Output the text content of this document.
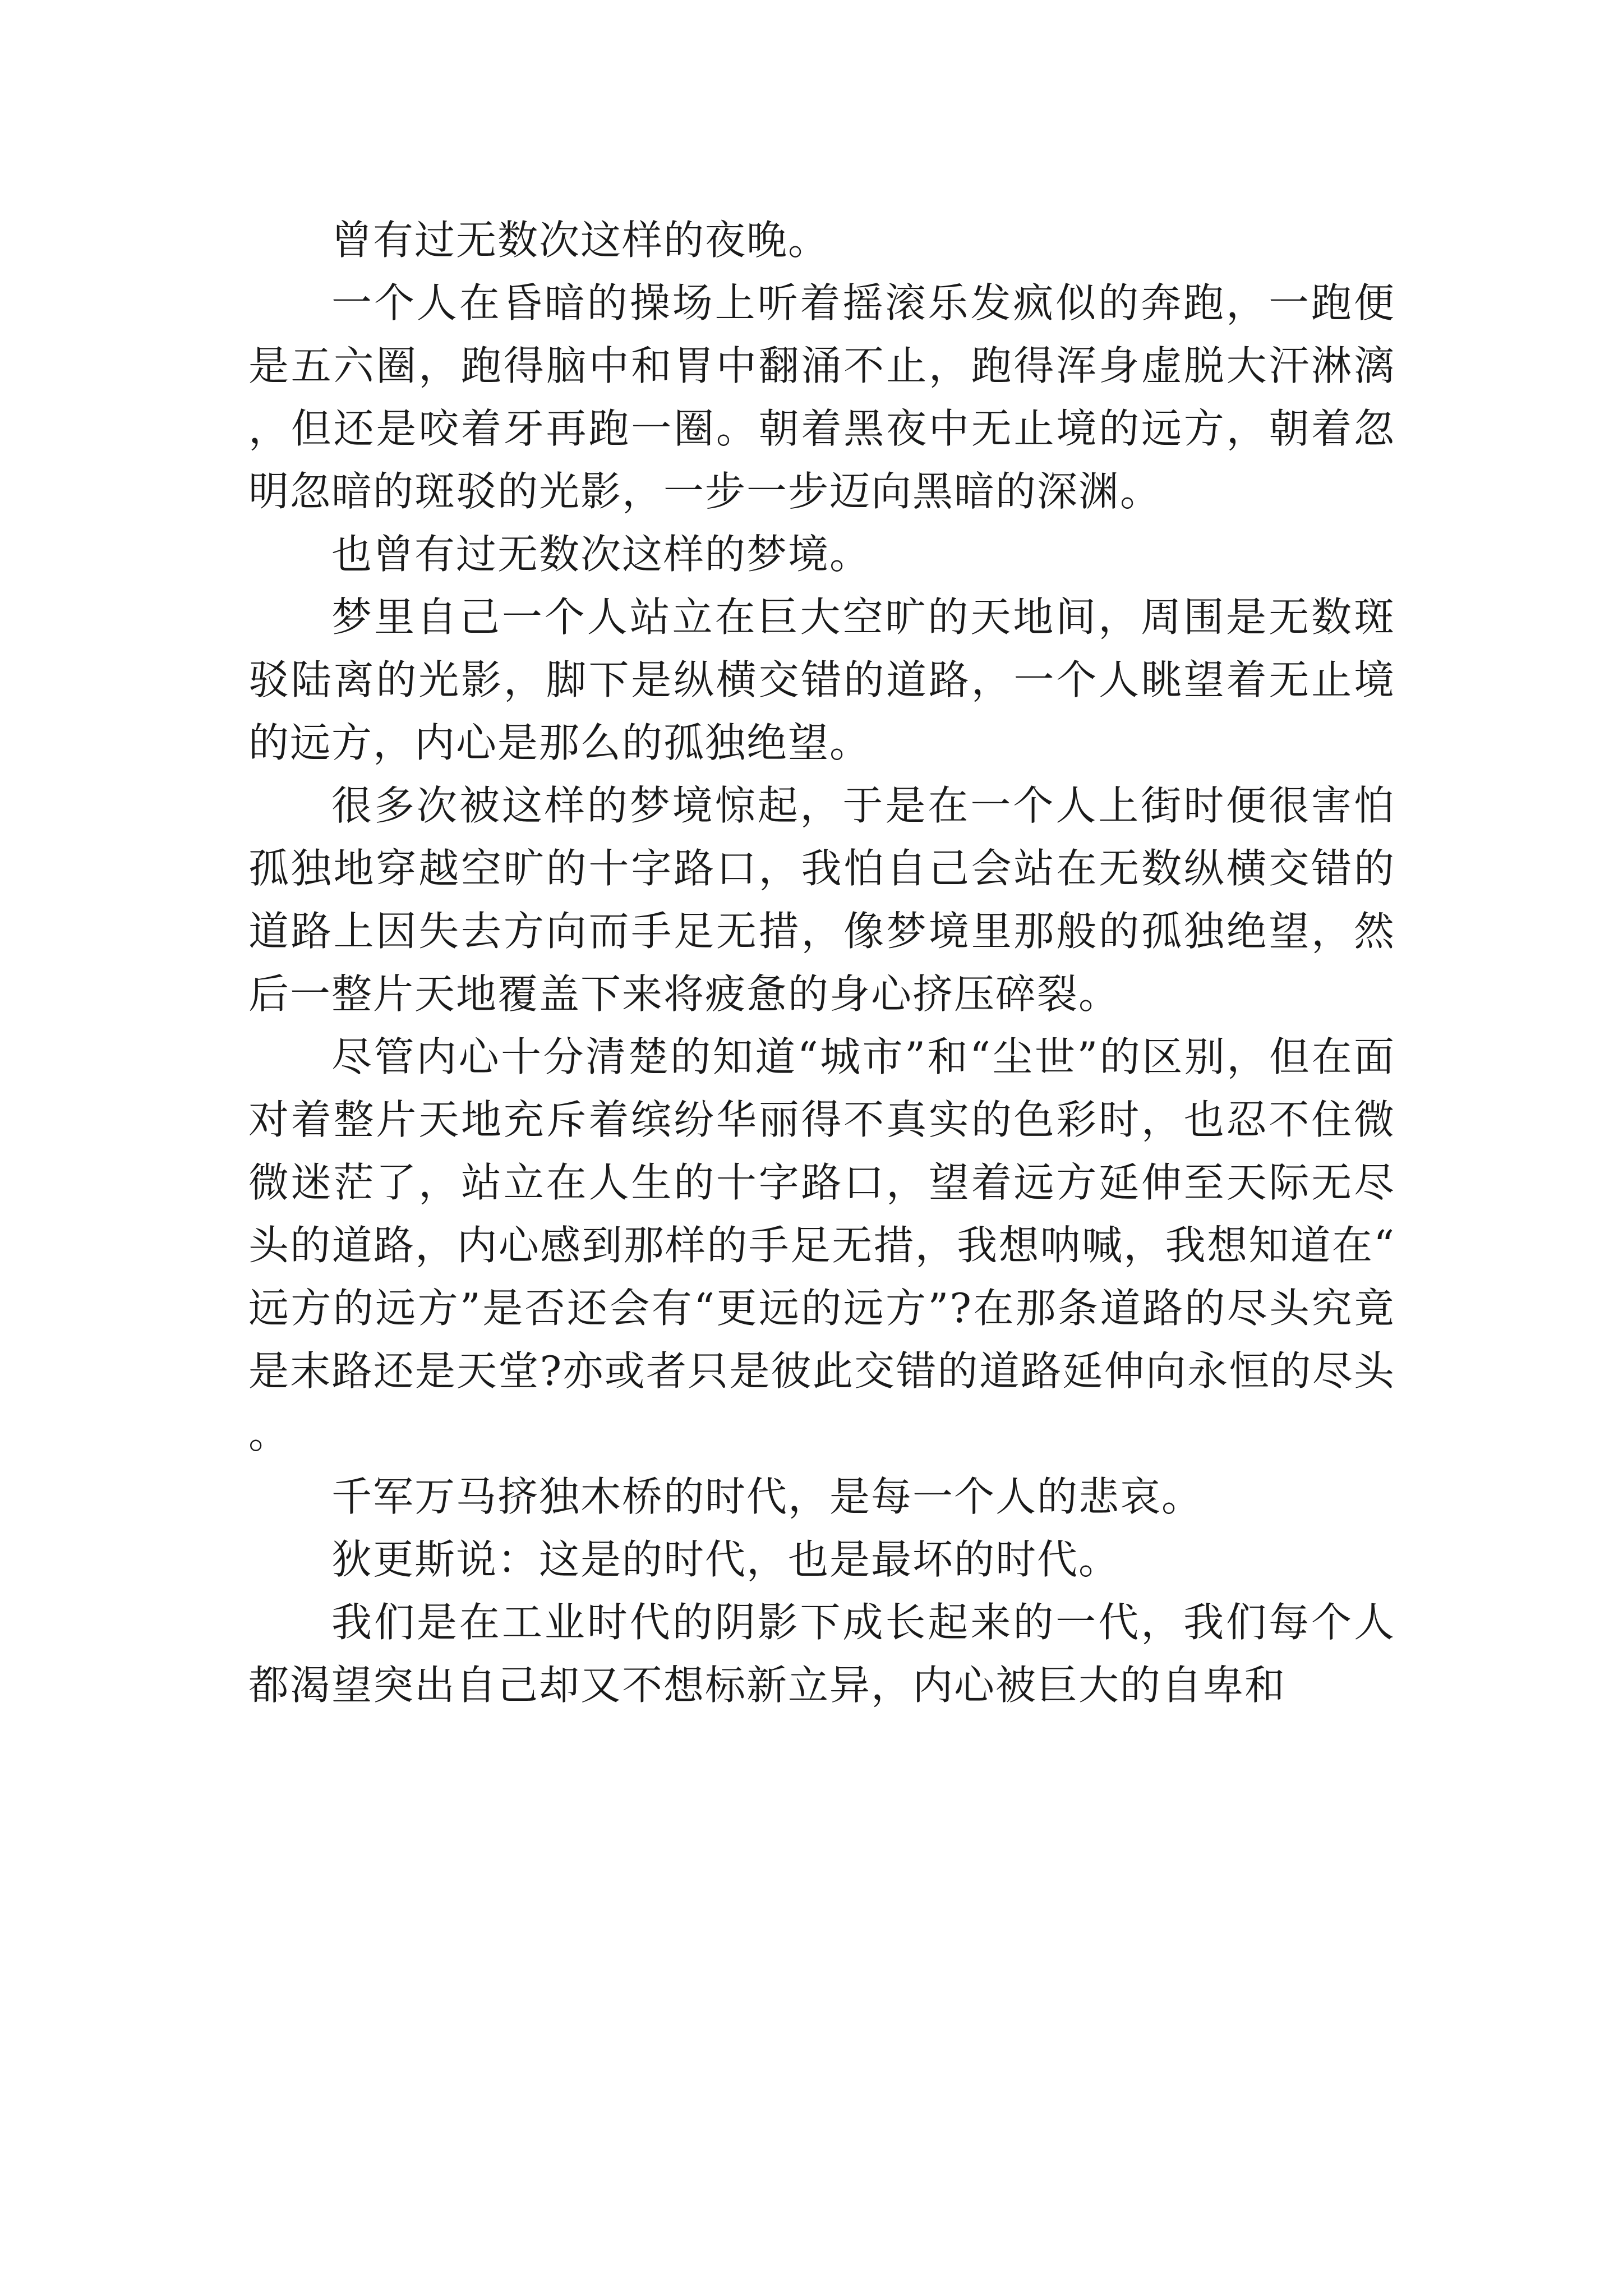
曾有过无数次这样的夜晚。

一个人在昏暗的操场上听着摇滚乐发疯似的奔跑，一跑便是五六圈，跑得脑中和胃中翻涌不止，跑得浑身虚脱大汗淋漓，但还是咬着牙再跑一圈。朝着黑夜中无止境的远方，朝着忽明忽暗的斑驳的光影，一步一步迈向黑暗的深渊。

也曾有过无数次这样的梦境。

梦里自己一个人站立在巨大空旷的天地间，周围是无数斑驳陆离的光影，脚下是纵横交错的道路，一个人眺望着无止境的远方，内心是那么的孤独绝望。

很多次被这样的梦境惊起，于是在一个人上街时便很害怕孤独地穿越空旷的十字路口，我怕自己会站在无数纵横交错的道路上因失去方向而手足无措，像梦境里那般的孤独绝望，然后一整片天地覆盖下来将疲惫的身心挤压碎裂。

尽管内心十分清楚的知道“城市”和“尘世”的区别，但在面对着整片天地充斥着缤纷华丽得不真实的色彩时，也忍不住微微迷茫了，站立在人生的十字路口，望着远方延伸至天际无尽头的道路，内心感到那样的手足无措，我想呐喊，我想知道在“远方的远方”是否还会有“更远的远方”?在那条道路的尽头究竟是末路还是天堂?亦或者只是彼此交错的道路延伸向永恒的尽头。

千军万马挤独木桥的时代，是每一个人的悲哀。

狄更斯说：这是的时代，也是最坏的时代。

我们是在工业时代的阴影下成长起来的一代，我们每个人都渴望突出自己却又不想标新立异，内心被巨大的自卑和
